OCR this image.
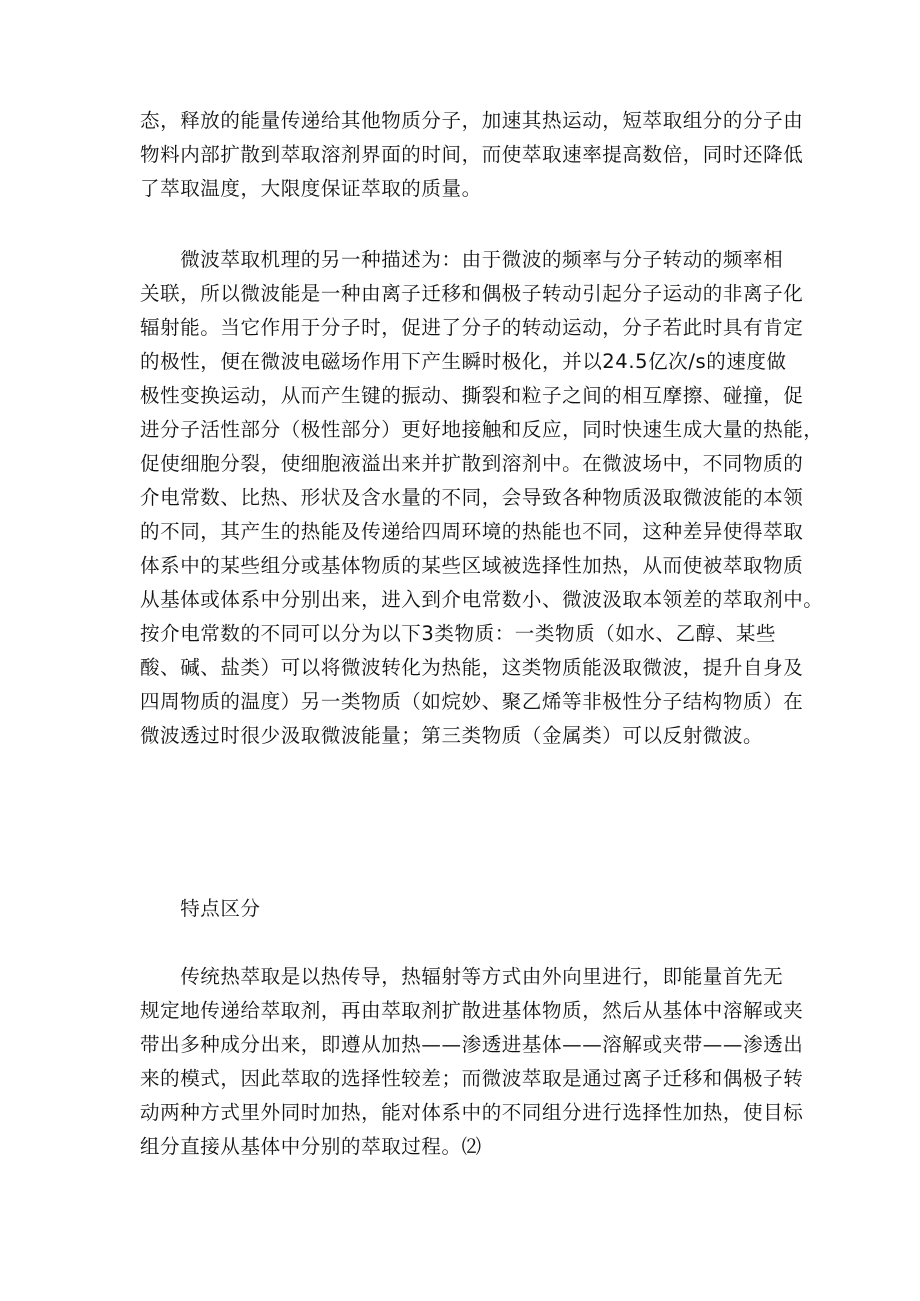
态，释放的能量传递给其他物质分子，加速其热运动，短萃取组分的分子由
物料内部扩散到萃取溶剂界面的时间，而使萃取速率提高数倍，同时还降低
了萃取温度，大限度保证萃取的质量。
　　微波萃取机理的另一种描述为：由于微波的频率与分子转动的频率相
关联，所以微波能是一种由离子迁移和偶极子转动引起分子运动的非离子化
辐射能。当它作用于分子时，促进了分子的转动运动，分子若此时具有肯定
的极性，便在微波电磁场作用下产生瞬时极化，并以24.5亿次/s的速度做
极性变换运动，从而产生键的振动、撕裂和粒子之间的相互摩擦、碰撞，促
进分子活性部分（极性部分）更好地接触和反应，同时快速生成大量的热能，
促使细胞分裂，使细胞液溢出来并扩散到溶剂中。在微波场中，不同物质的
介电常数、比热、形状及含水量的不同，会导致各种物质汲取微波能的本领
的不同，其产生的热能及传递给四周环境的热能也不同，这种差异使得萃取
体系中的某些组分或基体物质的某些区域被选择性加热，从而使被萃取物质
从基体或体系中分别出来，进入到介电常数小、微波汲取本领差的萃取剂中。
按介电常数的不同可以分为以下3类物质：一类物质（如水、乙醇、某些
酸、碱、盐类）可以将微波转化为热能，这类物质能汲取微波，提升自身及
四周物质的温度）另一类物质（如烷妙、聚乙烯等非极性分子结构物质）在
微波透过时很少汲取微波能量；第三类物质（金属类）可以反射微波。
　　特点区分
　　传统热萃取是以热传导，热辐射等方式由外向里进行，即能量首先无
规定地传递给萃取剂，再由萃取剂扩散进基体物质，然后从基体中溶解或夹
带出多种成分出来，即遵从加热——渗透进基体——溶解或夹带——渗透出
来的模式，因此萃取的选择性较差；而微波萃取是通过离子迁移和偶极子转
动两种方式里外同时加热，能对体系中的不同组分进行选择性加热，使目标
组分直接从基体中分别的萃取过程。⑵
